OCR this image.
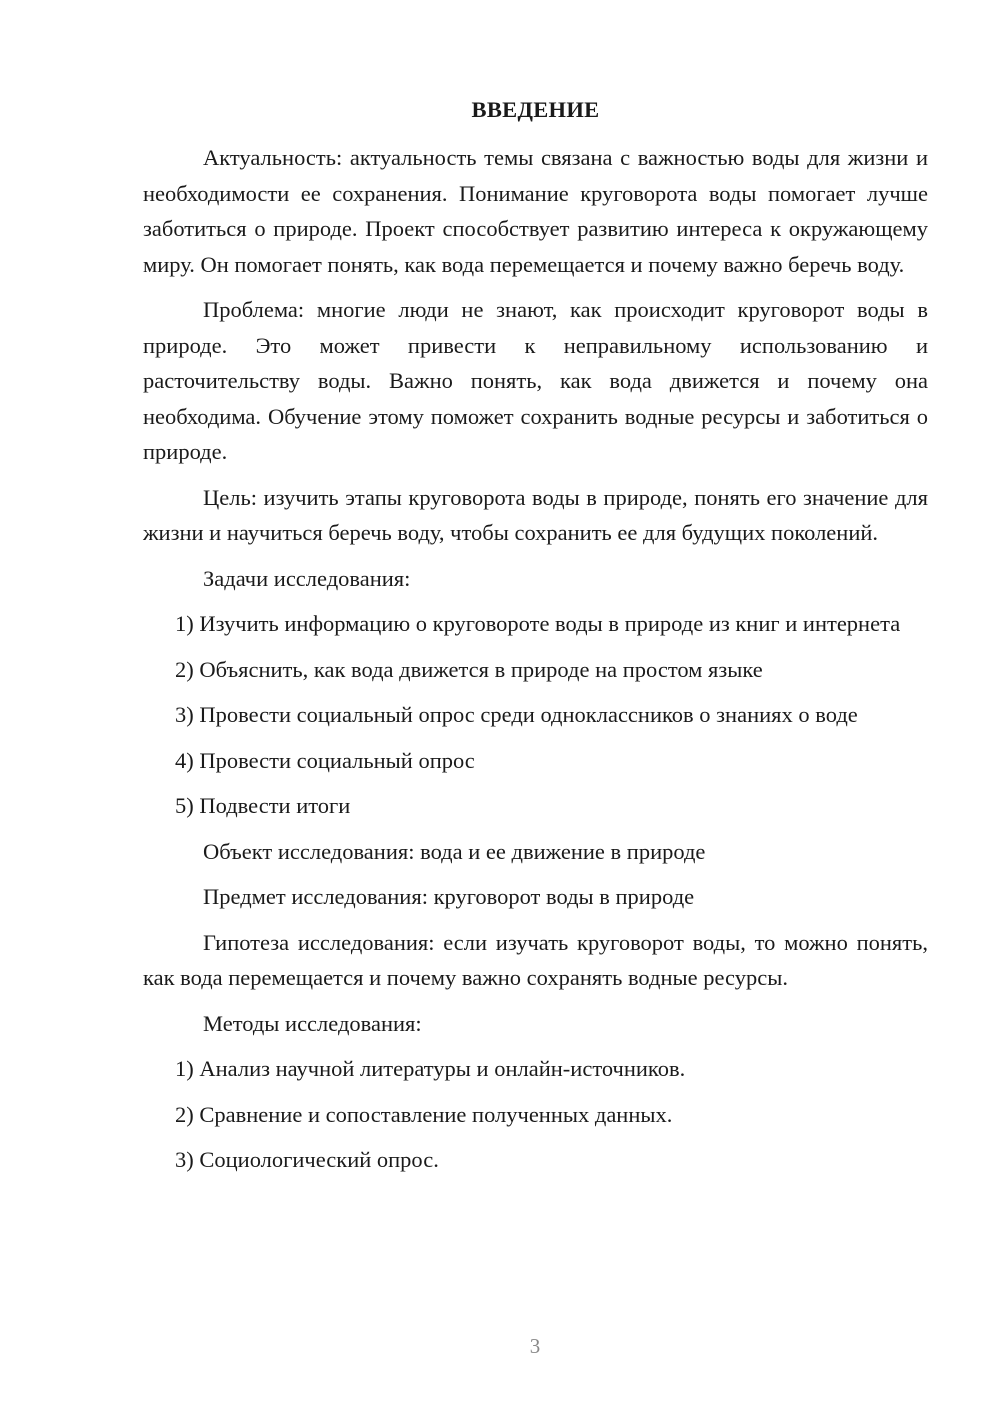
ВВЕДЕНИЕ

Актуальность: актуальность темы связана с важностью воды для жизни и необходимости ее сохранения. Понимание круговорота воды помогает лучше заботиться о природе. Проект способствует развитию интереса к окружающему миру. Он помогает понять, как вода перемещается и почему важно беречь воду.

Проблема: многие люди не знают, как происходит круговорот воды в природе. Это может привести к неправильному использованию и расточительству воды. Важно понять, как вода движется и почему она необходима. Обучение этому поможет сохранить водные ресурсы и заботиться о природе.

Цель: изучить этапы круговорота воды в природе, понять его значение для жизни и научиться беречь воду, чтобы сохранить ее для будущих поколений.

Задачи исследования:

1) Изучить информацию о круговороте воды в природе из книг и интернета

2) Объяснить, как вода движется в природе на простом языке

3) Провести социальный опрос среди одноклассников о знаниях о воде

4) Провести социальный опрос

5) Подвести итоги

Объект исследования: вода и ее движение в природе

Предмет исследования: круговорот воды в природе

Гипотеза исследования: если изучать круговорот воды, то можно понять, как вода перемещается и почему важно сохранять водные ресурсы.

Методы исследования:

1) Анализ научной литературы и онлайн-источников.

2) Сравнение и сопоставление полученных данных.

3) Социологический опрос.

3
